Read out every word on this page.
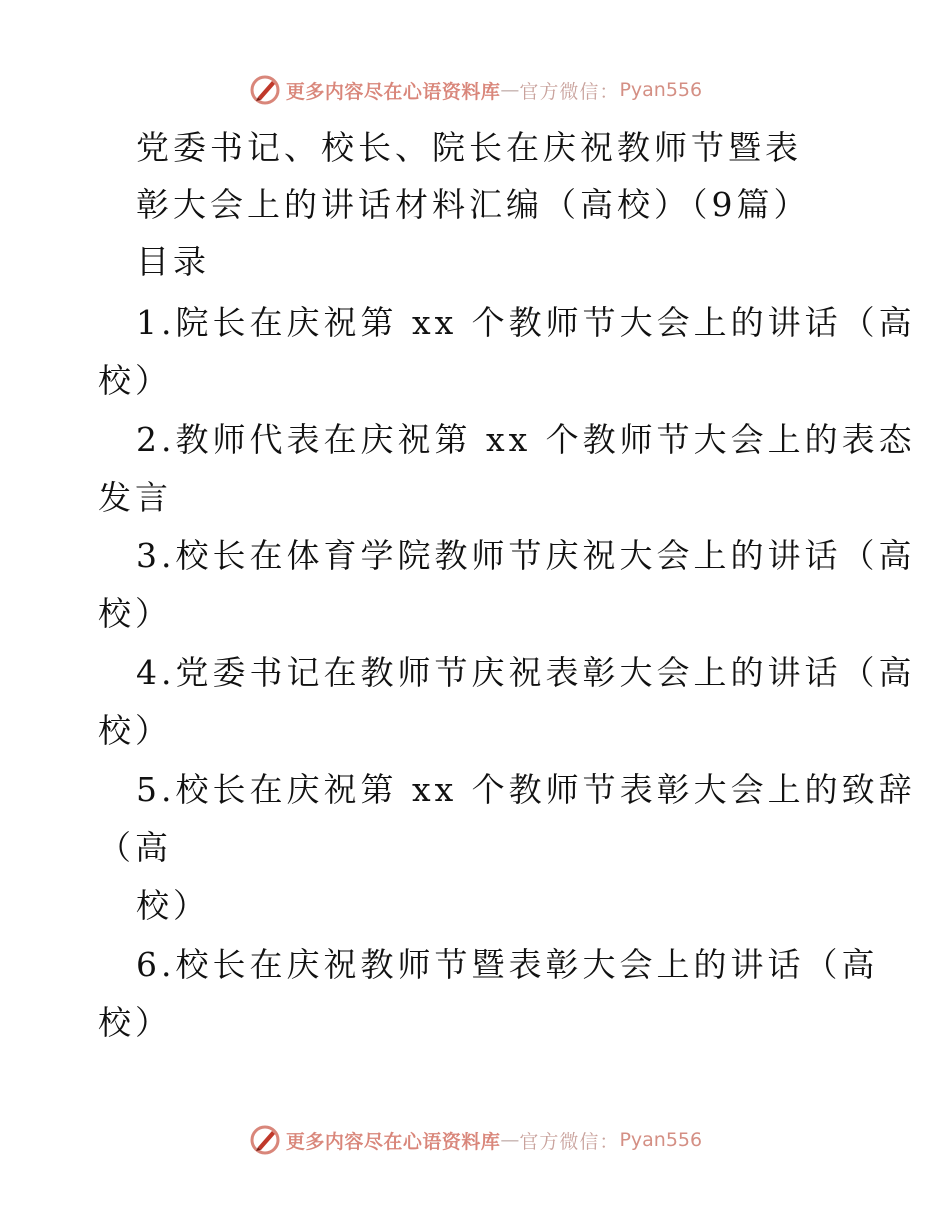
更多内容尽在心语资料库 — 官方微信： Pyan556
党委书记、校长、院长在庆祝教师节暨表
彰大会上的讲话材料汇编（高校）（9篇）
目录
1.院长在庆祝第 xx 个教师节大会上的讲话（高
校）
2.教师代表在庆祝第 xx 个教师节大会上的表态
发言
3.校长在体育学院教师节庆祝大会上的讲话（高
校）
4.党委书记在教师节庆祝表彰大会上的讲话（高
校）
5.校长在庆祝第 xx 个教师节表彰大会上的致辞
（高
校）
6.校长在庆祝教师节暨表彰大会上的讲话（高
校）
更多内容尽在心语资料库 — 官方微信： Pyan556
